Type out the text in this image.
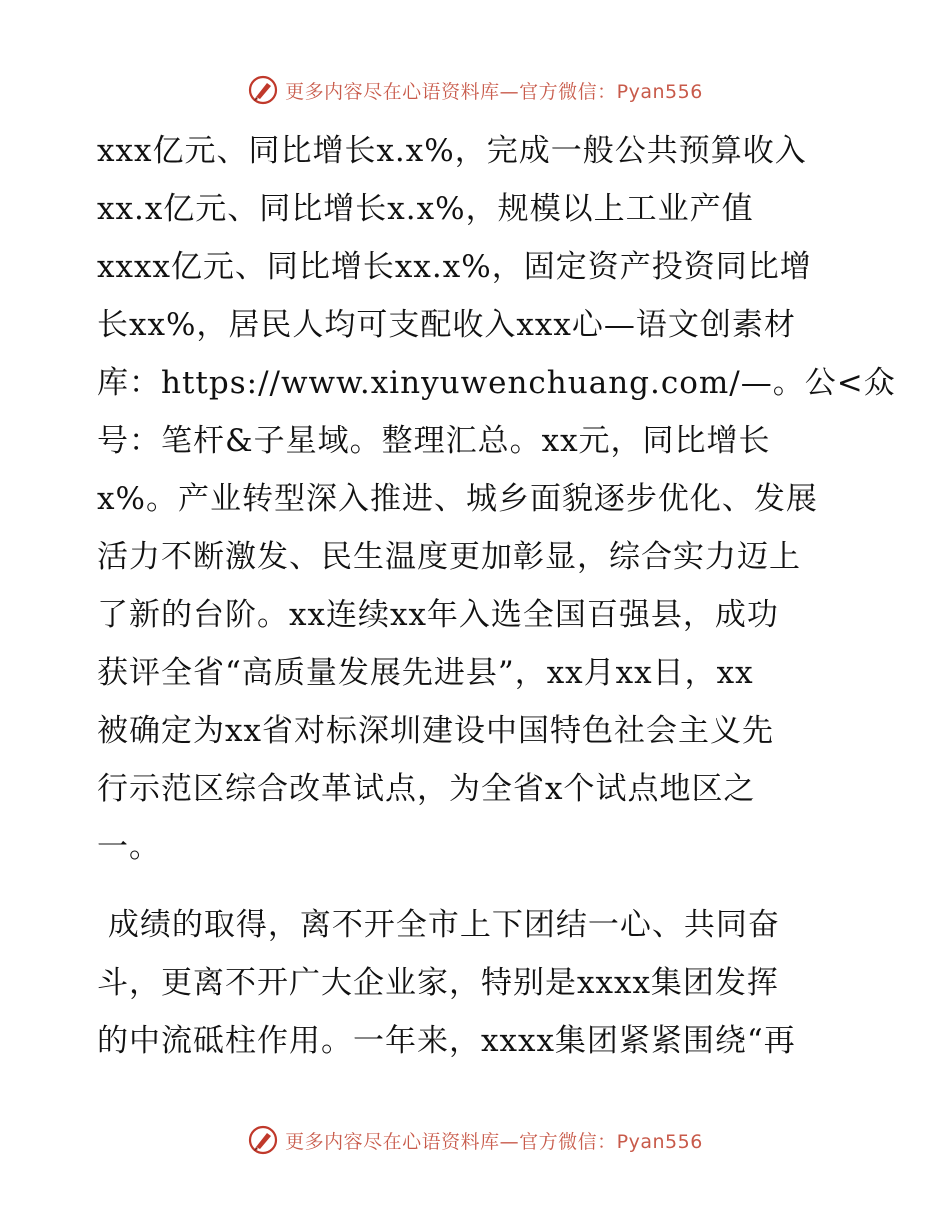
更多内容尽在心语资料库—官方微信：Pyan556
xxx亿元、同比增长x.x%，完成一般公共预算收入
xx.x亿元、同比增长x.x%，规模以上工业产值
xxxx亿元、同比增长xx.x%，固定资产投资同比增
长xx%，居民人均可支配收入xxx心—语文创素材
库：https://www.xinyuwenchuang.com/—。公<众
号：笔杆&子星域。整理汇总。xx元，同比增长
x%。产业转型深入推进、城乡面貌逐步优化、发展
活力不断激发、民生温度更加彰显，综合实力迈上
了新的台阶。xx连续xx年入选全国百强县，成功
获评全省“高质量发展先进县”，xx月xx日，xx
被确定为xx省对标深圳建设中国特色社会主义先
行示范区综合改革试点，为全省x个试点地区之
一。
成绩的取得，离不开全市上下团结一心、共同奋
斗，更离不开广大企业家，特别是xxxx集团发挥
的中流砥柱作用。一年来，xxxx集团紧紧围绕“再
更多内容尽在心语资料库—官方微信：Pyan556
